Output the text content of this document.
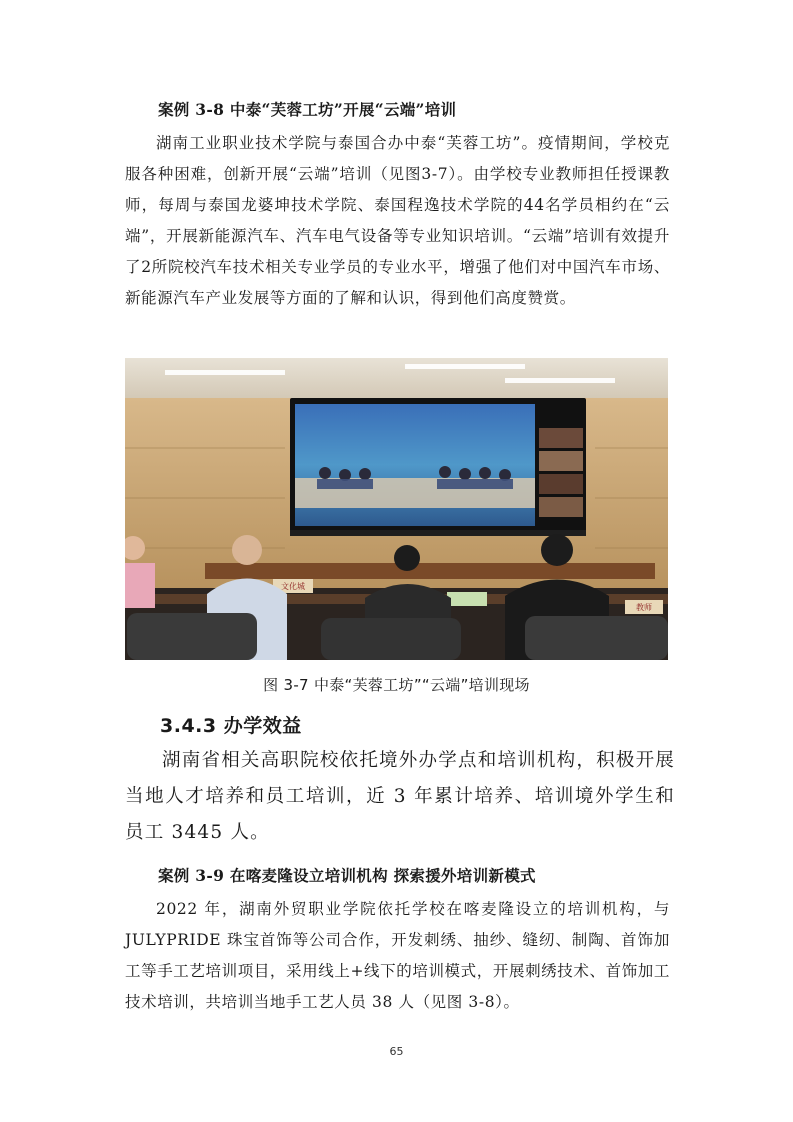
案例 3-8 中泰“芙蓉工坊”开展“云端”培训

湖南工业职业技术学院与泰国合办中泰“芙蓉工坊”。疫情期间，学校克服各种困难，创新开展“云端”培训（见图3-7）。由学校专业教师担任授课教师，每周与泰国龙婆坤技术学院、泰国程逸技术学院的44名学员相约在“云端”，开展新能源汽车、汽车电气设备等专业知识培训。“云端”培训有效提升了2所院校汽车技术相关专业学员的专业水平，增强了他们对中国汽车市场、新能源汽车产业发展等方面的了解和认识，得到他们高度赞赏。

文化城
教师
图 3-7 中泰“芙蓉工坊”“云端”培训现场
3.4.3 办学效益

湖南省相关高职院校依托境外办学点和培训机构，积极开展当地人才培养和员工培训，近 3 年累计培养、培训境外学生和员工 3445 人。

案例 3-9 在喀麦隆设立培训机构 探索援外培训新模式

2022 年，湖南外贸职业学院依托学校在喀麦隆设立的培训机构，与 JULYPRIDE 珠宝首饰等公司合作，开发刺绣、抽纱、缝纫、制陶、首饰加工等手工艺培训项目，采用线上+线下的培训模式，开展刺绣技术、首饰加工技术培训，共培训当地手工艺人员 38 人（见图 3-8）。

65
